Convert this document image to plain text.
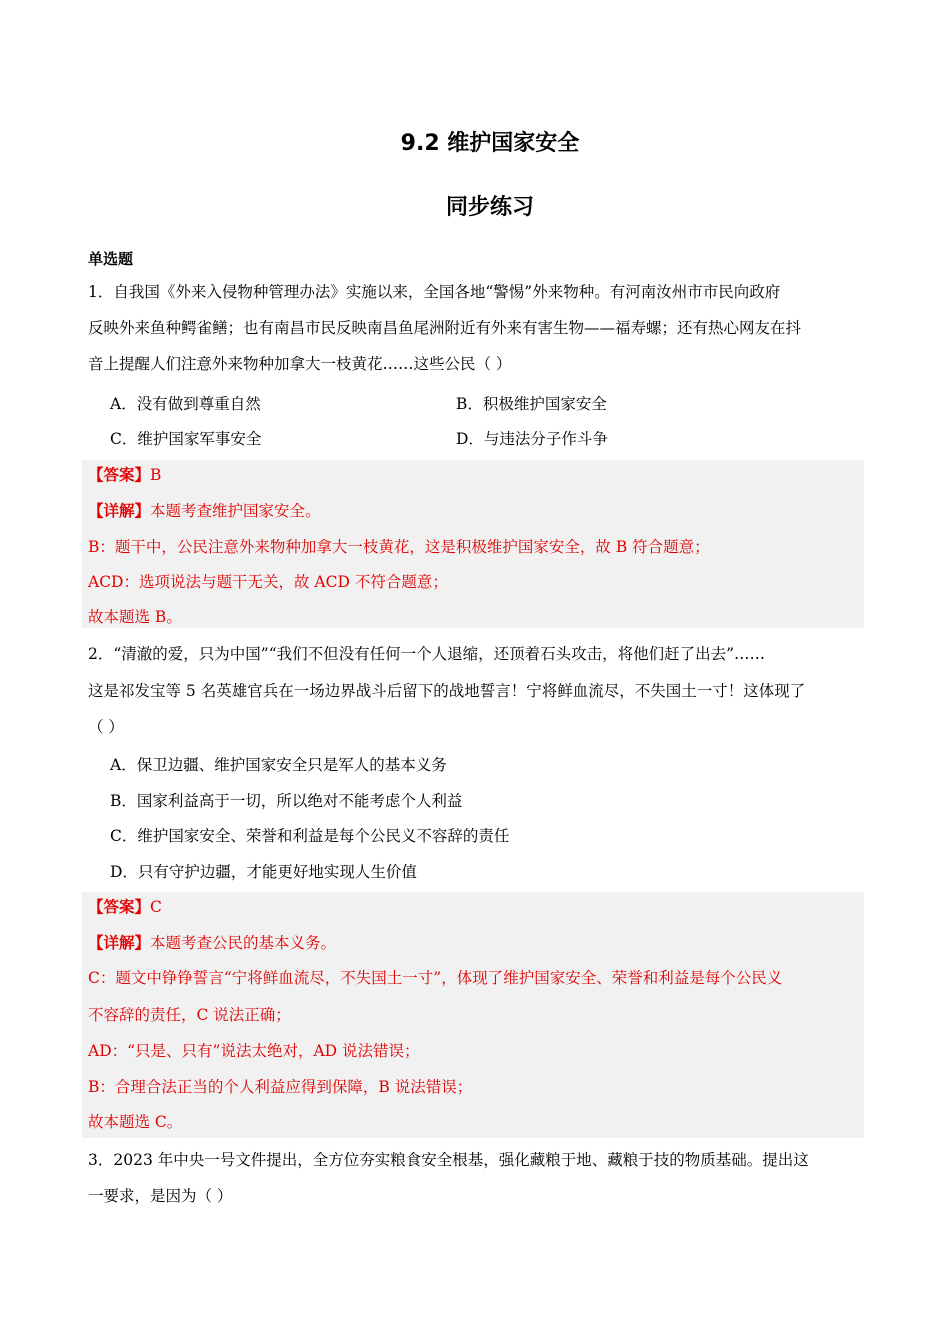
9.2 维护国家安全
同步练习
单选题
1．自我国《外来入侵物种管理办法》实施以来，全国各地“警惕”外来物种。有河南汝州市市民向政府
反映外来鱼种鳄雀鳝；也有南昌市民反映南昌鱼尾洲附近有外来有害生物——福寿螺；还有热心网友在抖
音上提醒人们注意外来物种加拿大一枝黄花……这些公民（ ）
A．没有做到尊重自然	B．积极维护国家安全
C．维护国家军事安全	D．与违法分子作斗争
【答案】B
【详解】本题考查维护国家安全。
B：题干中，公民注意外来物种加拿大一枝黄花，这是积极维护国家安全，故 B 符合题意；
ACD：选项说法与题干无关，故 ACD 不符合题意；
故本题选 B。
2．“清澈的爱，只为中国”“我们不但没有任何一个人退缩，还顶着石头攻击，将他们赶了出去”……
这是祁发宝等 5 名英雄官兵在一场边界战斗后留下的战地誓言！宁将鲜血流尽，不失国土一寸！这体现了
（ ）
A．保卫边疆、维护国家安全只是军人的基本义务
B．国家利益高于一切，所以绝对不能考虑个人利益
C．维护国家安全、荣誉和利益是每个公民义不容辞的责任
D．只有守护边疆，才能更好地实现人生价值
【答案】C
【详解】本题考查公民的基本义务。
C：题文中铮铮誓言“宁将鲜血流尽，不失国土一寸”，体现了维护国家安全、荣誉和利益是每个公民义
不容辞的责任，C 说法正确；
AD：“只是、只有”说法太绝对，AD 说法错误；
B：合理合法正当的个人利益应得到保障，B 说法错误；
故本题选 C。
3．2023 年中央一号文件提出，全方位夯实粮食安全根基，强化藏粮于地、藏粮于技的物质基础。提出这
一要求，是因为（ ）
